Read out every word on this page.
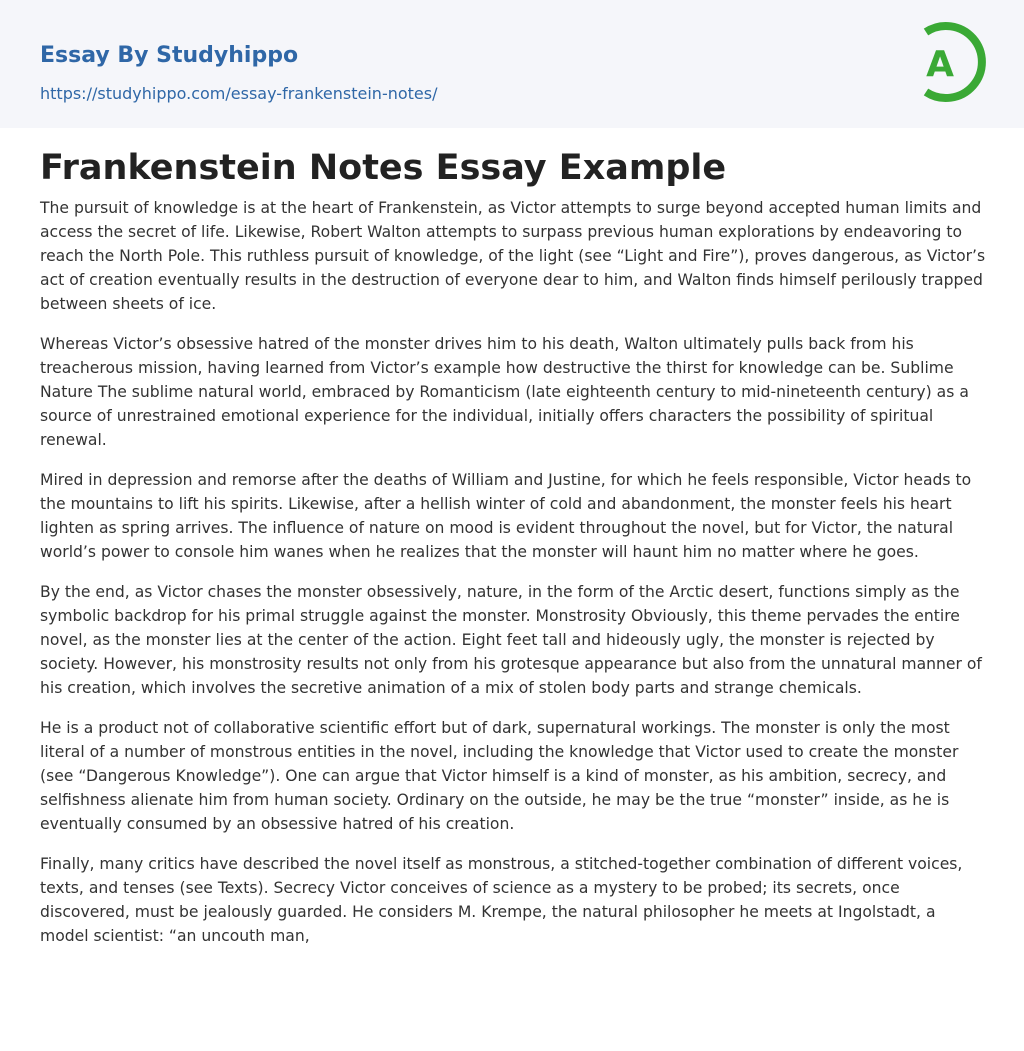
Essay By Studyhippo
https://studyhippo.com/essay-frankenstein-notes/
A
Frankenstein Notes Essay Example

The pursuit of knowledge is at the heart of Frankenstein, as Victor attempts to surge beyond accepted human limits and access the secret of life. Likewise, Robert Walton attempts to surpass previous human explorations by endeavoring to reach the North Pole. This ruthless pursuit of knowledge, of the light (see “Light and Fire”), proves dangerous, as Victor’s act of creation eventually results in the destruction of everyone dear to him, and Walton finds himself perilously trapped between sheets of ice.

Whereas Victor’s obsessive hatred of the monster drives him to his death, Walton ultimately pulls back from his treacherous mission, having learned from Victor’s example how destructive the thirst for knowledge can be. Sublime Nature The sublime natural world, embraced by Romanticism (late eighteenth century to mid-nineteenth century) as a source of unrestrained emotional experience for the individual, initially offers characters the possibility of spiritual renewal.

Mired in depression and remorse after the deaths of William and Justine, for which he feels responsible, Victor heads to the mountains to lift his spirits. Likewise, after a hellish winter of cold and abandonment, the monster feels his heart lighten as spring arrives. The influence of nature on mood is evident throughout the novel, but for Victor, the natural world’s power to console him wanes when he realizes that the monster will haunt him no matter where he goes.

By the end, as Victor chases the monster obsessively, nature, in the form of the Arctic desert, functions simply as the symbolic backdrop for his primal struggle against the monster. Monstrosity Obviously, this theme pervades the entire novel, as the monster lies at the center of the action. Eight feet tall and hideously ugly, the monster is rejected by society. However, his monstrosity results not only from his grotesque appearance but also from the unnatural manner of his creation, which involves the secretive animation of a mix of stolen body parts and strange chemicals.

He is a product not of collaborative scientific effort but of dark, supernatural workings. The monster is only the most literal of a number of monstrous entities in the novel, including the knowledge that Victor used to create the monster (see “Dangerous Knowledge”). One can argue that Victor himself is a kind of monster, as his ambition, secrecy, and selfishness alienate him from human society. Ordinary on the outside, he may be the true “monster” inside, as he is eventually consumed by an obsessive hatred of his creation.

Finally, many critics have described the novel itself as monstrous, a stitched-together combination of different voices, texts, and tenses (see Texts). Secrecy Victor conceives of science as a mystery to be probed; its secrets, once discovered, must be jealously guarded. He considers M. Krempe, the natural philosopher he meets at Ingolstadt, a model scientist: “an uncouth man,
